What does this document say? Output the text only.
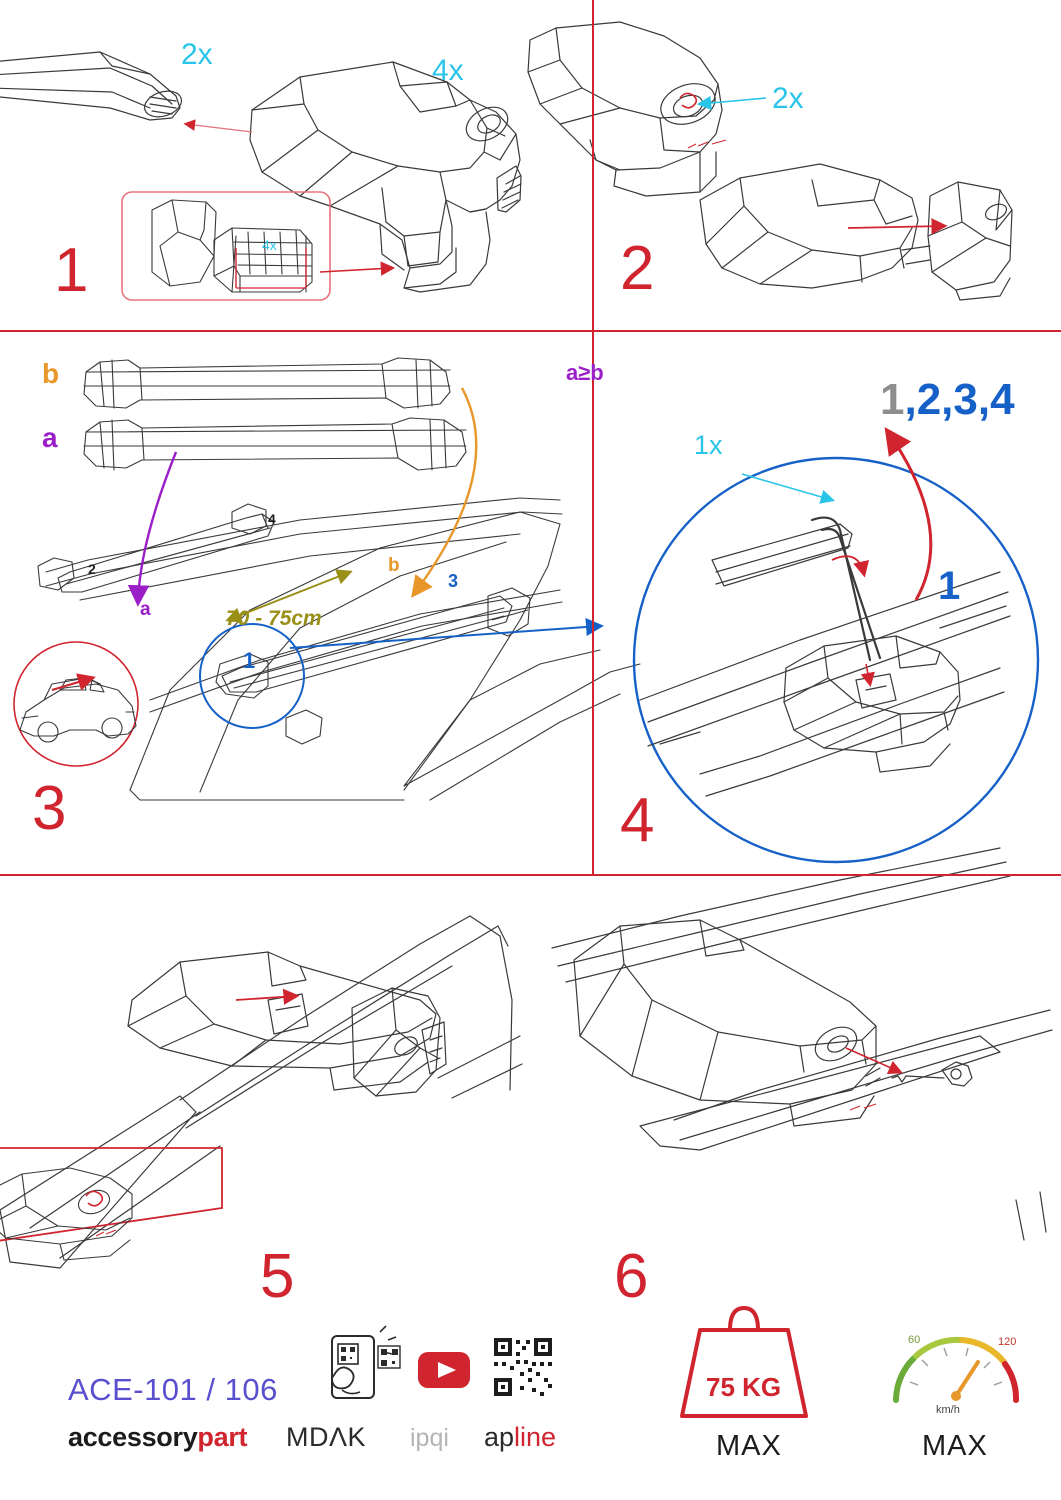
1	2
3	4
5	6
2x	4x
4x
2x
b
a
a
b
70 - 75cm
1
2
3
4
a≥b
1x
1
1,2,3,4
ACE-101 / 106
accessorypart MDΛK ipqi apline
75 KG
MAX	MAX
km/h
60	120
